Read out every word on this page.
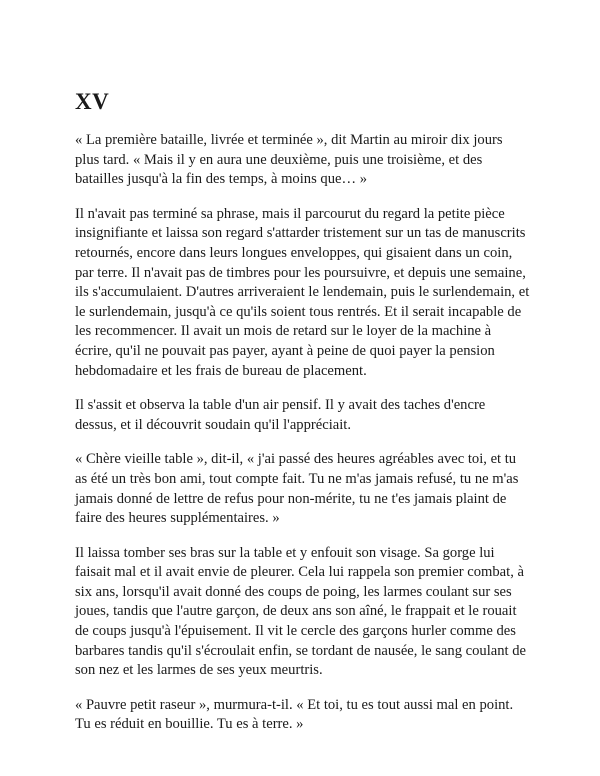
XV

« La première bataille, livrée et terminée », dit Martin au miroir dix jours plus tard. « Mais il y en aura une deuxième, puis une troisième, et des batailles jusqu'à la fin des temps, à moins que… »

Il n'avait pas terminé sa phrase, mais il parcourut du regard la petite pièce insignifiante et laissa son regard s'attarder tristement sur un tas de manuscrits retournés, encore dans leurs longues enveloppes, qui gisaient dans un coin, par terre. Il n'avait pas de timbres pour les poursuivre, et depuis une semaine, ils s'accumulaient. D'autres arriveraient le lendemain, puis le surlendemain, et le surlendemain, jusqu'à ce qu'ils soient tous rentrés. Et il serait incapable de les recommencer. Il avait un mois de retard sur le loyer de la machine à écrire, qu'il ne pouvait pas payer, ayant à peine de quoi payer la pension hebdomadaire et les frais de bureau de placement.

Il s'assit et observa la table d'un air pensif. Il y avait des taches d'encre dessus, et il découvrit soudain qu'il l'appréciait.

« Chère vieille table », dit-il, « j'ai passé des heures agréables avec toi, et tu as été un très bon ami, tout compte fait. Tu ne m'as jamais refusé, tu ne m'as jamais donné de lettre de refus pour non-mérite, tu ne t'es jamais plaint de faire des heures supplémentaires. »

Il laissa tomber ses bras sur la table et y enfouit son visage. Sa gorge lui faisait mal et il avait envie de pleurer. Cela lui rappela son premier combat, à six ans, lorsqu'il avait donné des coups de poing, les larmes coulant sur ses joues, tandis que l'autre garçon, de deux ans son aîné, le frappait et le rouait de coups jusqu'à l'épuisement. Il vit le cercle des garçons hurler comme des barbares tandis qu'il s'écroulait enfin, se tordant de nausée, le sang coulant de son nez et les larmes de ses yeux meurtris.

« Pauvre petit raseur », murmura-t-il. « Et toi, tu es tout aussi mal en point. Tu es réduit en bouillie. Tu es à terre. »
